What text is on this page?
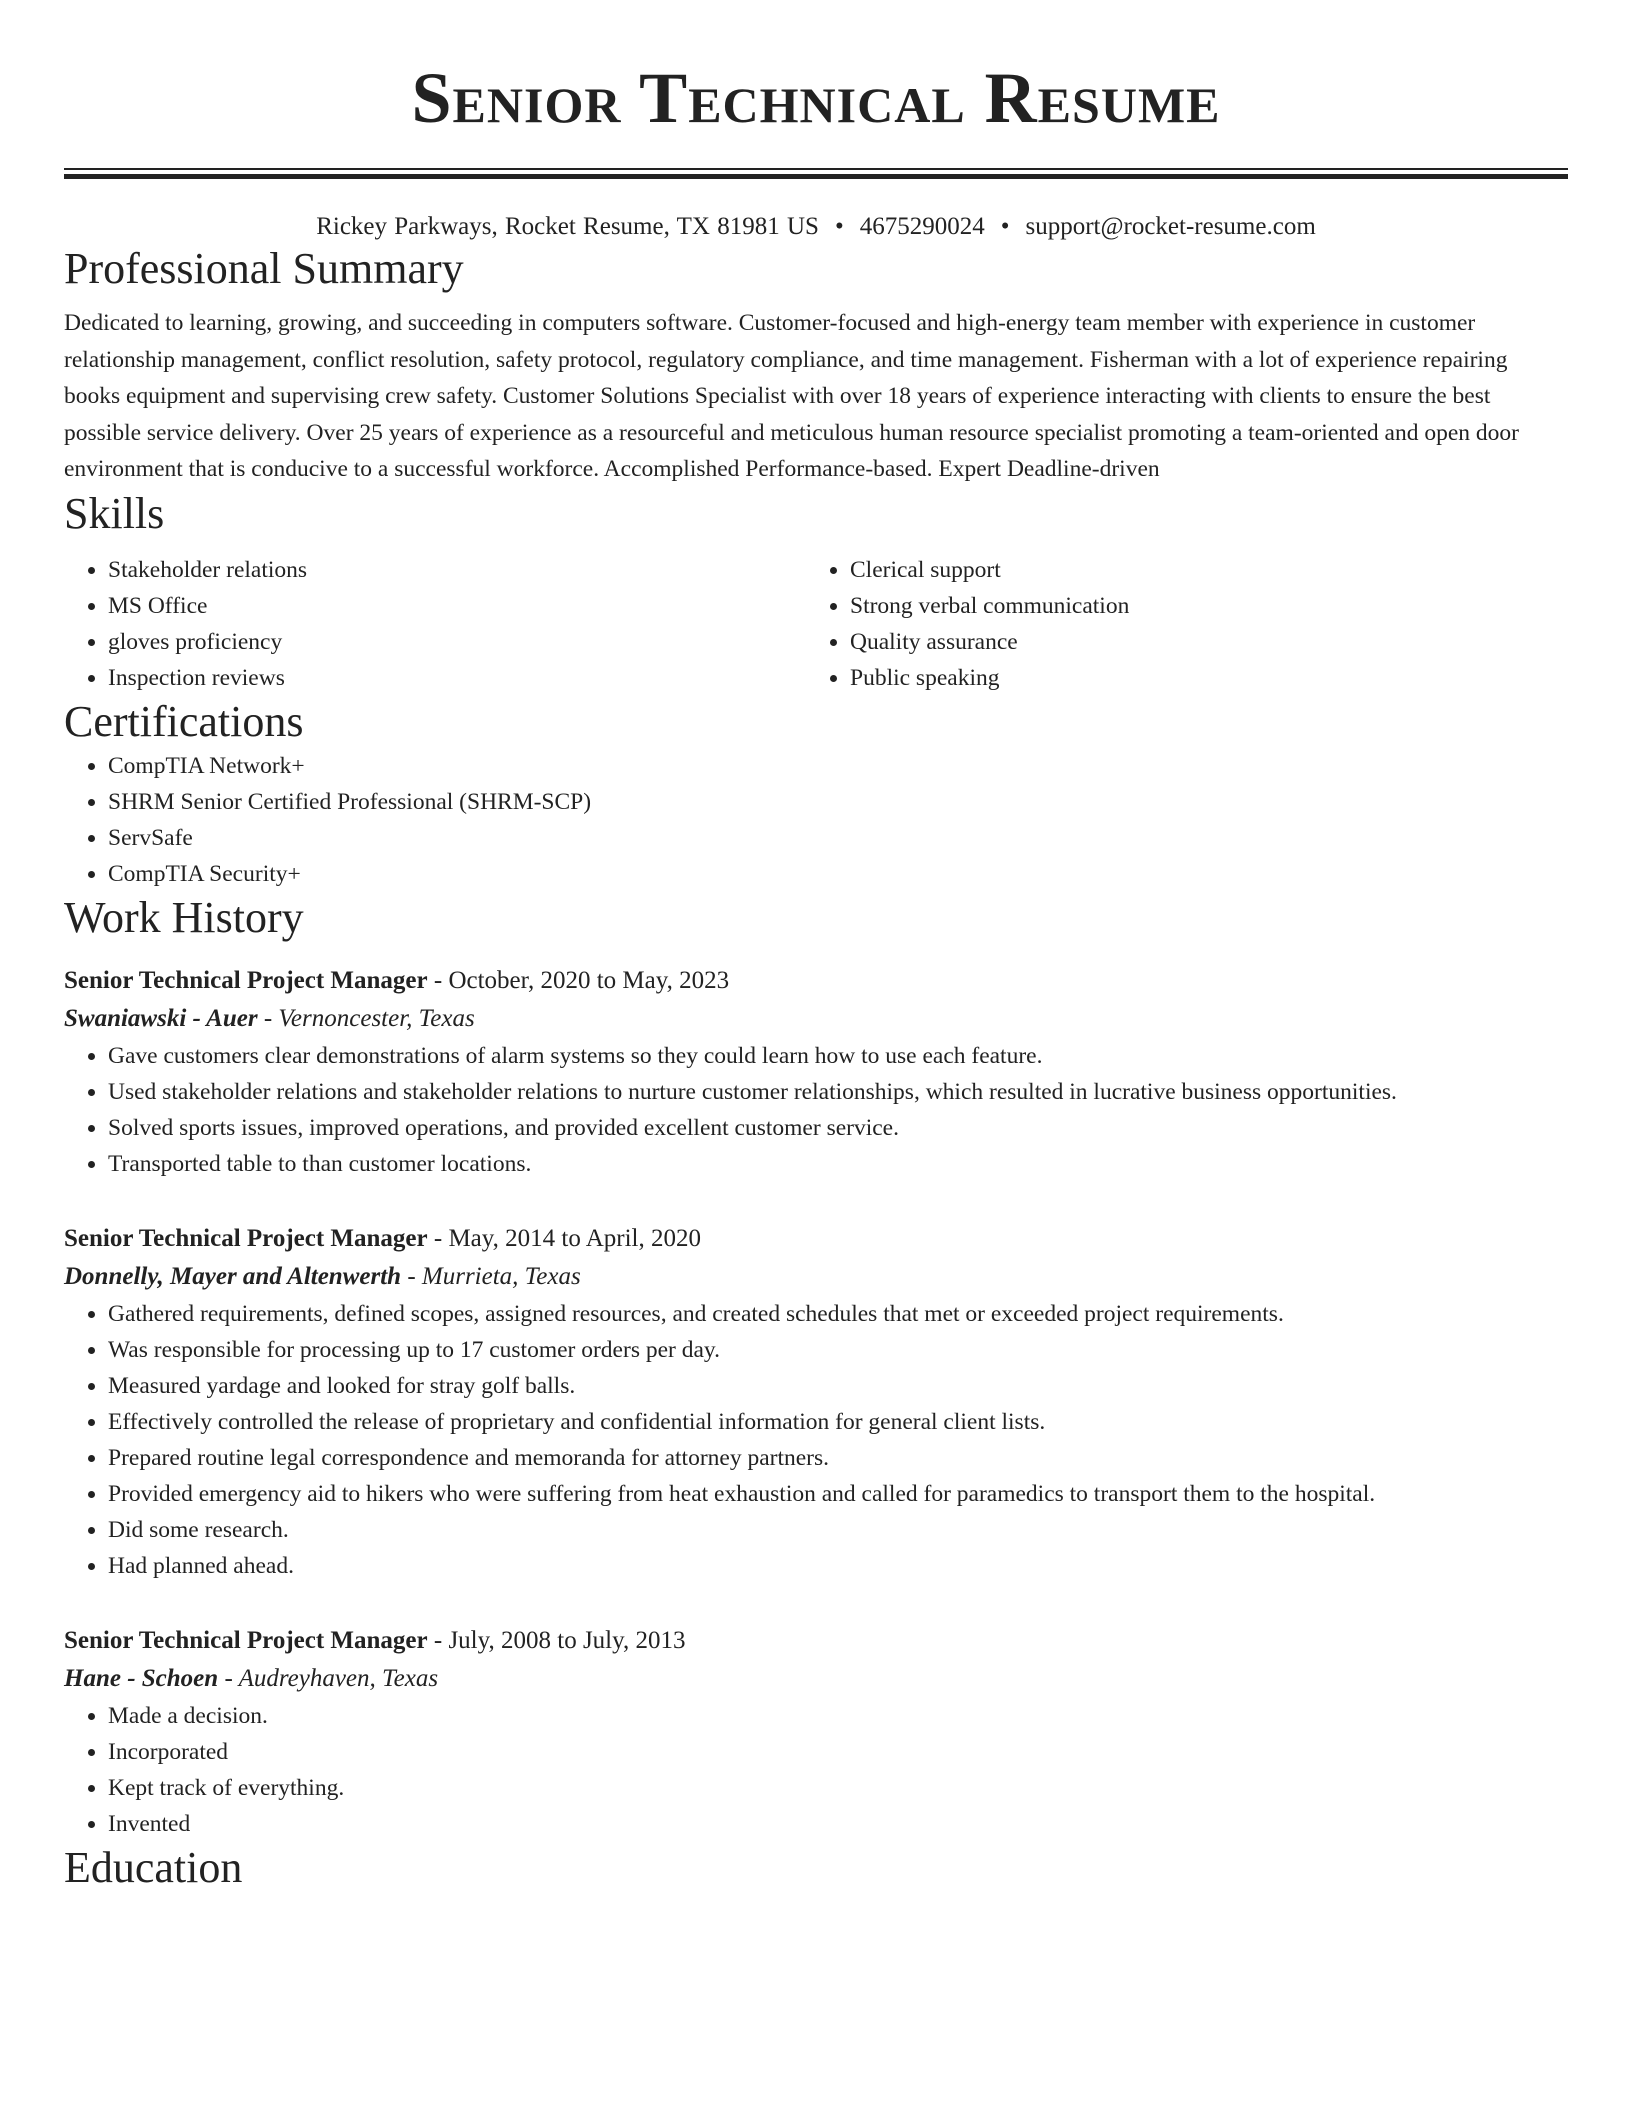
Senior Technical Resume
Rickey Parkways, Rocket Resume, TX 81981 US • 4675290024 • support@rocket-resume.com
Professional Summary

Dedicated to learning, growing, and succeeding in computers software. Customer-focused and high-energy team member with experience in customer relationship management, conflict resolution, safety protocol, regulatory compliance, and time management. Fisherman with a lot of experience repairing books equipment and supervising crew safety. Customer Solutions Specialist with over 18 years of experience interacting with clients to ensure the best possible service delivery. Over 25 years of experience as a resourceful and meticulous human resource specialist promoting a team-oriented and open door environment that is conducive to a successful workforce. Accomplished Performance-based. Expert Deadline-driven

Skills
• Stakeholder relations
• MS Office
• gloves proficiency
• Inspection reviews
• Clerical support
• Strong verbal communication
• Quality assurance
• Public speaking
Certifications
• CompTIA Network+
• SHRM Senior Certified Professional (SHRM-SCP)
• ServSafe
• CompTIA Security+
Work History
Senior Technical Project Manager - October, 2020 to May, 2023
Swaniawski - Auer - Vernoncester, Texas
• Gave customers clear demonstrations of alarm systems so they could learn how to use each feature.
• Used stakeholder relations and stakeholder relations to nurture customer relationships, which resulted in lucrative business opportunities.
• Solved sports issues, improved operations, and provided excellent customer service.
• Transported table to than customer locations.
Senior Technical Project Manager - May, 2014 to April, 2020
Donnelly, Mayer and Altenwerth - Murrieta, Texas
• Gathered requirements, defined scopes, assigned resources, and created schedules that met or exceeded project requirements.
• Was responsible for processing up to 17 customer orders per day.
• Measured yardage and looked for stray golf balls.
• Effectively controlled the release of proprietary and confidential information for general client lists.
• Prepared routine legal correspondence and memoranda for attorney partners.
• Provided emergency aid to hikers who were suffering from heat exhaustion and called for paramedics to transport them to the hospital.
• Did some research.
• Had planned ahead.
Senior Technical Project Manager - July, 2008 to July, 2013
Hane - Schoen - Audreyhaven, Texas
• Made a decision.
• Incorporated
• Kept track of everything.
• Invented
Education
